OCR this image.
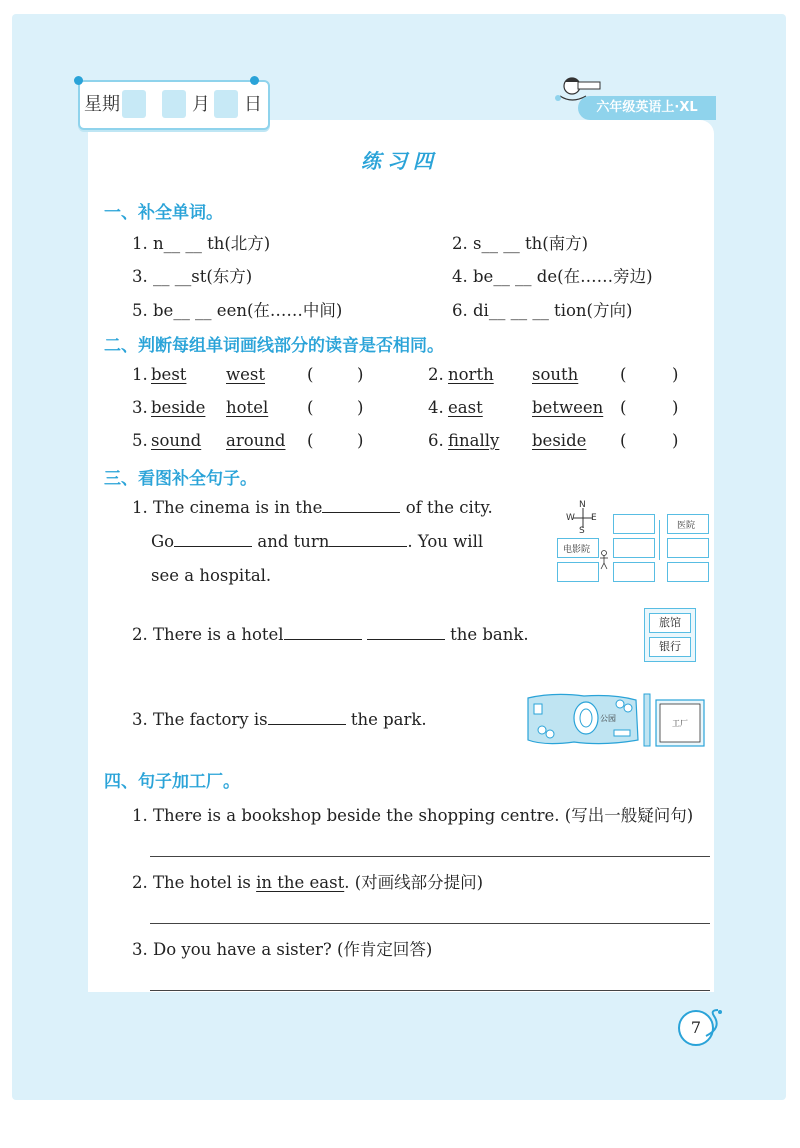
星期	月 日	六年级英语上·XL
练习四
一、补全单词。
1. n__ __ th(北方)	2. s__ __ th(南方)
3. __ __st(东方)	4. be__ __ de(在……旁边)
5. be__ __ een(在……中间)	6. di__ __ __ tion(方向)
二、判断每组单词画线部分的读音是否相同。
1. best west	(	)	2. north south	(	)
3. beside hotel (	)	4. east	between (	)
5. sound around (	)	6. finally beside (	)
三、看图补全句子。
1. The cinema is in the	of the city.
Go	and turn	. You will
see a hospital.
N
S
W E
医院
电影院
2. There is a hotel	the bank.
旅馆
银行
3. The factory is	the park.	公园
工厂
四、句子加工厂。
1. There is a bookshop beside the shopping centre. (写出一般疑问句)
2. The hotel is in the east. (对画线部分提问)
3. Do you have a sister? (作肯定回答)
7
